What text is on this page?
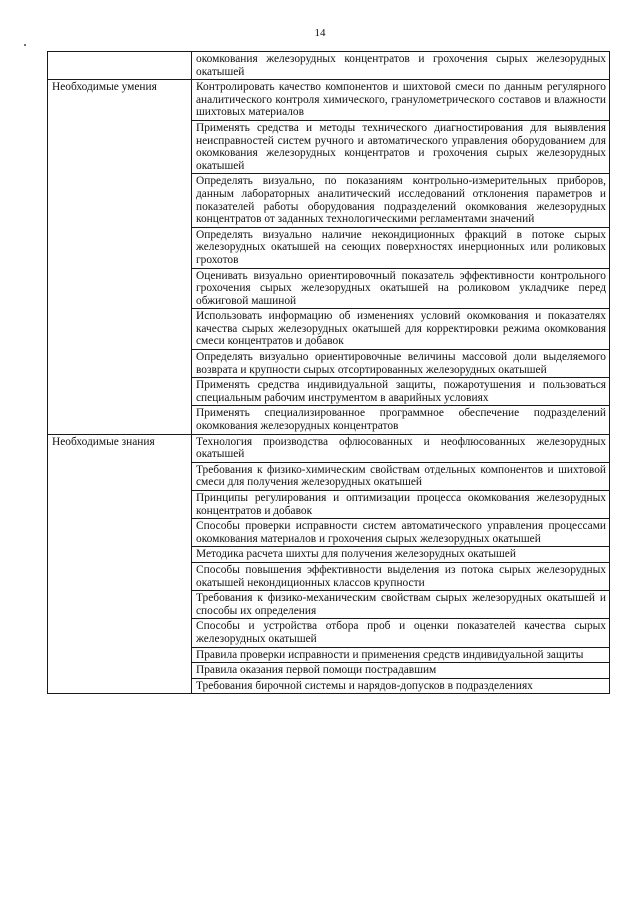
14
	окомкования железорудных концентратов и грохочения сырых железорудных окатышей
Необходимые умения	Контролировать качество компонентов и шихтовой смеси по данным регулярного аналитического контроля химического, гранулометрического составов и влажности шихтовых материалов
	Применять средства и методы технического диагностирования для выявления неисправностей систем ручного и автоматического управления оборудованием для окомкования железорудных концентратов и грохочения сырых железорудных окатышей
	Определять визуально, по показаниям контрольно-измерительных приборов, данным лабораторных аналитический исследований отклонения параметров и показателей работы оборудования подразделений окомкования железорудных концентратов от заданных технологическими регламентами значений
	Определять визуально наличие некондиционных фракций в потоке сырых железорудных окатышей на сеющих поверхностях инерционных или роликовых грохотов
	Оценивать визуально ориентировочный показатель эффективности контрольного грохочения сырых железорудных окатышей на роликовом укладчике перед обжиговой машиной
	Использовать информацию об изменениях условий окомкования и показателях качества сырых железорудных окатышей для корректировки режима окомкования смеси концентратов и добавок
	Определять визуально ориентировочные величины массовой доли выделяемого возврата и крупности сырых отсортированных железорудных окатышей
	Применять средства индивидуальной защиты, пожаротушения и пользоваться специальным рабочим инструментом в аварийных условиях
	Применять специализированное программное обеспечение подразделений окомкования железорудных концентратов
Необходимые знания	Технология производства офлюсованных и неофлюсованных железорудных окатышей
	Требования к физико-химическим свойствам отдельных компонентов и шихтовой смеси для получения железорудных окатышей
	Принципы регулирования и оптимизации процесса окомкования железорудных концентратов и добавок
	Способы проверки исправности систем автоматического управления процессами окомкования материалов и грохочения сырых железорудных окатышей
	Методика расчета шихты для получения железорудных окатышей
	Способы повышения эффективности выделения из потока сырых железорудных окатышей некондиционных классов крупности
	Требования к физико-механическим свойствам сырых железорудных окатышей и способы их определения
	Способы и устройства отбора проб и оценки показателей качества сырых железорудных окатышей
	Правила проверки исправности и применения средств индивидуальной защиты
	Правила оказания первой помощи пострадавшим
	Требования бирочной системы и нарядов-допусков в подразделениях
